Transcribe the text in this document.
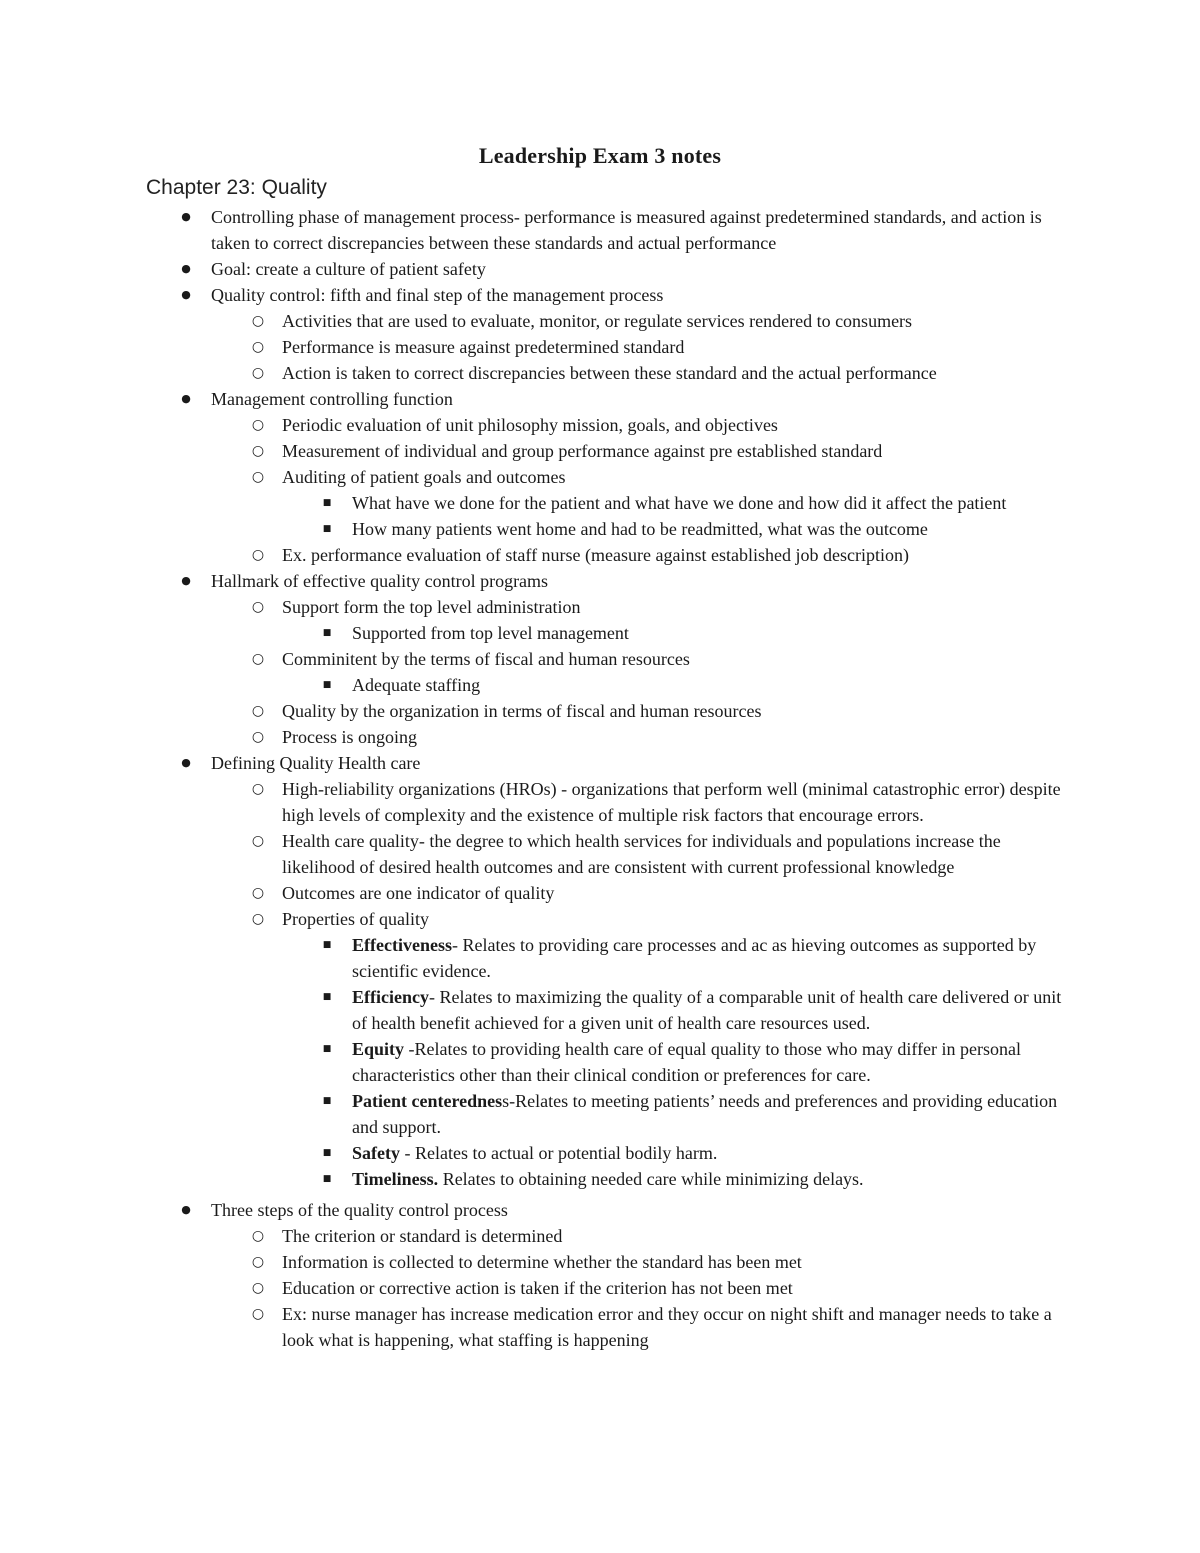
Leadership Exam 3 notes
Chapter 23: Quality
● Controlling phase of management process- performance is measured against predetermined standards, and action is taken to correct discrepancies between these standards and actual performance
● Goal: create a culture of patient safety
● Quality control: fifth and final step of the management process
○ Activities that are used to evaluate, monitor, or regulate services rendered to consumers
○ Performance is measure against predetermined standard
○ Action is taken to correct discrepancies between these standard and the actual performance
● Management controlling function
○ Periodic evaluation of unit philosophy mission, goals, and objectives
○ Measurement of individual and group performance against pre established standard
○ Auditing of patient goals and outcomes
■	What have we done for the patient and what have we done and how did it affect the patient
■	How many patients went home and had to be readmitted, what was the outcome
○ Ex. performance evaluation of staff nurse (measure against established job description)
● Hallmark of effective quality control programs
○ Support form the top level administration
■	Supported from top level management
○ Comminitent by the terms of fiscal and human resources
■	Adequate staffing
○ Quality by the organization in terms of fiscal and human resources
○ Process is ongoing
● Defining Quality Health care
○ High-reliability organizations (HROs) - organizations that perform well (minimal catastrophic error) despite high levels of complexity and the existence of multiple risk factors that encourage errors.
○ Health care quality- the degree to which health services for individuals and populations increase the likelihood of desired health outcomes and are consistent with current professional knowledge
○ Outcomes are one indicator of quality
○ Properties of quality
■	Effectiveness- Relates to providing care processes and ac as hieving outcomes as supported by scientific evidence.
■	Efficiency- Relates to maximizing the quality of a comparable unit of health care delivered or unit of health benefit achieved for a given unit of health care resources used.
■	Equity -Relates to providing health care of equal quality to those who may differ in personal characteristics other than their clinical condition or preferences for care.
■	Patient centeredness-Relates to meeting patients’ needs and preferences and providing education and support.
■	Safety - Relates to actual or potential bodily harm.
■	Timeliness. Relates to obtaining needed care while minimizing delays.
● Three steps of the quality control process
○ The criterion or standard is determined
○ Information is collected to determine whether the standard has been met
○ Education or corrective action is taken if the criterion has not been met
○ Ex: nurse manager has increase medication error and they occur on night shift and manager needs to take a look what is happening, what staffing is happening
